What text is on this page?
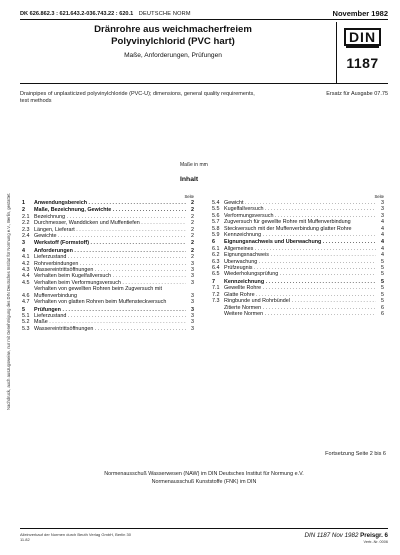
Nachdruck, auch auszugsweise, nur mit Genehmigung des DIN Deutsches Institut für Normung e.V., Berlin, gestattet.
DK 626.862.3 : 621.643.2-036.743.22 : 620.1 DEUTSCHE NORM	November 1982
Dränrohre aus weichmacherfreiem
Polyvinylchlorid (PVC hart)
Maße, Anforderungen, Prüfungen
DIN
1187
Drainpipes of unplasticized polyvinylchloride (PVC-U); dimensions, general quality requirements, test methods
Ersatz für Ausgabe 07.75
Maße in mm
Inhalt
Seite
1	Anwendungsbereich . . .	2
2	Maße, Bezeichnung, Gewichte . . .	2
2.1 Bezeichnung . . .	2
2.2 Durchmesser, Wanddicken und Muffentiefen . . .	2
2.3 Längen, Lieferart . . .	2
2.4 Gewichte . . .	2
3	Werkstoff (Formstoff) . . .	2
4	Anforderungen . . .	2
4.1 Lieferzustand . . .	2
4.2 Rohrverbindungen . . .	3
4.3 Wassereintrittsöffnungen . . .	3
4.4 Verhalten beim Kugelfallversuch . . .	3
4.5 Verhalten beim Verformungsversuch . . .	3
4.6
Verhalten von gewellten Rohren beim Zugversuch mit Muffenverbindung	3
4.7 Verhalten von glatten Rohren beim Muffensteckversuch	3
5	Prüfungen . . .	3
5.1 Lieferzustand . . .	3
5.2 Maße . . .	3
5.3 Wassereintrittsöffnungen . . .	3
Seite
5.4 Gewicht . . .	3
5.5 Kugelfallversuch . . .	3
5.6 Verformungsversuch . . .	3
5.7 Zugversuch für gewellte Rohre mit Muffenverbindung	4
5.8 Steckversuch mit der Muffenverbindung glatter Rohre	4
5.9 Kennzeichnung . . .	4
6	Eignungsnachweis und Überwachung . . .	4
6.1 Allgemeines . . .	4
6.2 Eignungsnachweis . . .	4
6.3 Überwachung . . .	5
6.4 Prüfzeugnis . . .	5
6.5 Wiederholungsprüfung . . .	5
7	Kennzeichnung . . .	5
7.1 Gewellte Rohre . . .	5
7.2 Glatte Rohre . . .	5
7.3 Ringbunde und Rohrbündel . . .	5
Zitierte Normen . . .	6
Weitere Normen . . .	6
Fortsetzung Seite 2 bis 6
Normenausschuß Wasserwesen (NAW) im DIN Deutsches Institut für Normung e.V.
Normenausschuß Kunststoffe (FNK) im DIN
Alleinverkauf der Normen durch Beuth Verlag GmbH, Berlin 30
11.82
DIN 1187 Nov 1982 Preisgr. 6
Vertr.-Nr. 0006
